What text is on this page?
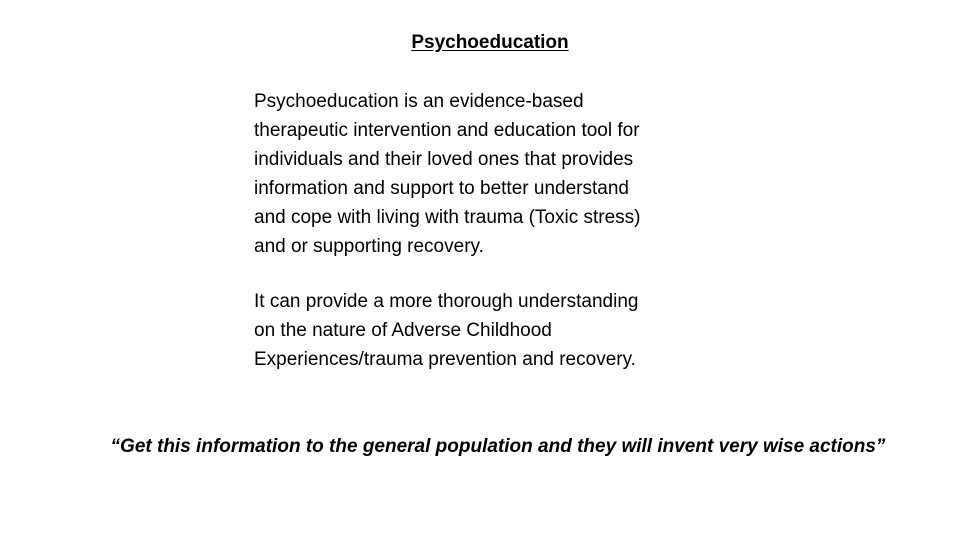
Psychoeducation
Psychoeducation is an evidence-based
therapeutic intervention and education tool for
individuals and their loved ones that provides
information and support to better understand
and cope with living with trauma (Toxic stress)
and or supporting recovery.
It can provide a more thorough understanding
on the nature of Adverse Childhood
Experiences/trauma prevention and recovery.
“Get this information to the general population and they will invent very wise actions”
